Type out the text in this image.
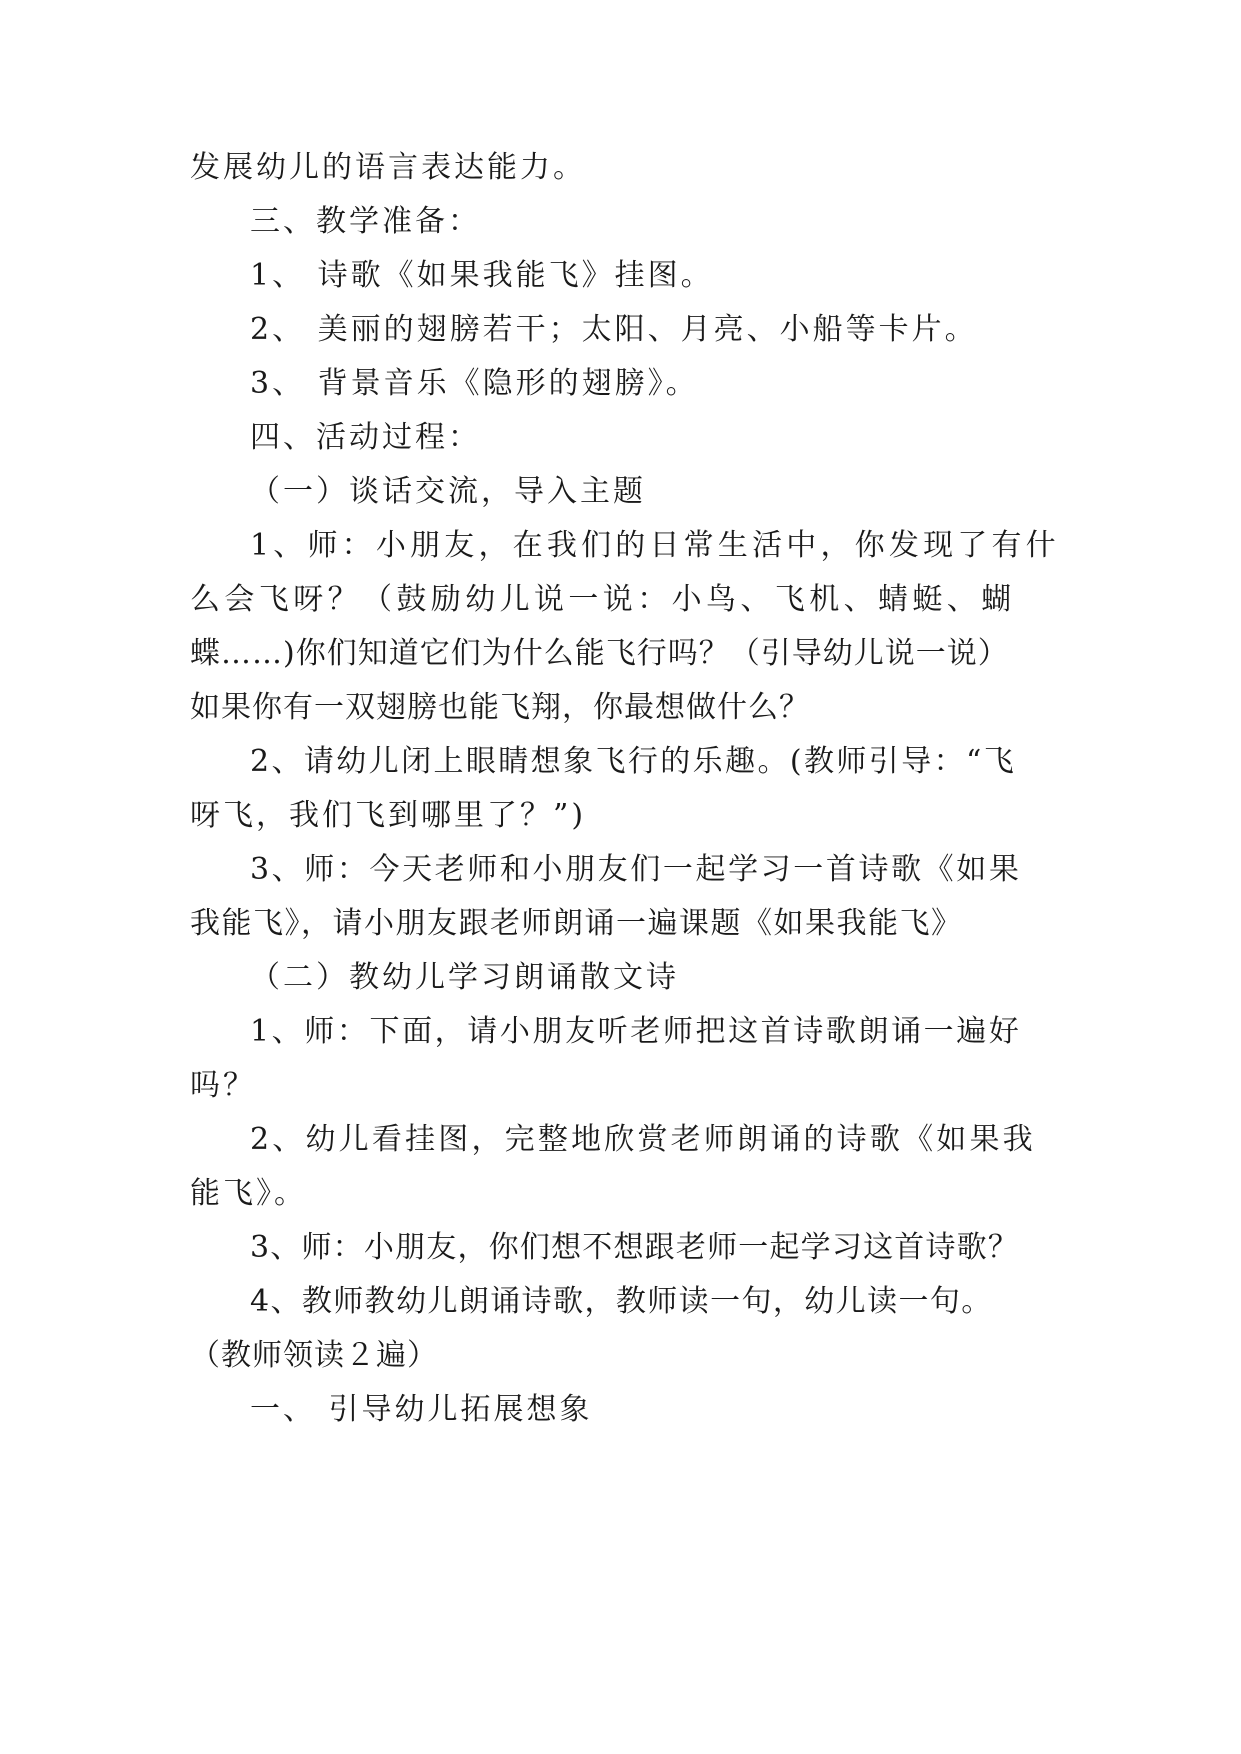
发展幼儿的语言表达能力。
三、教学准备：
1、 诗歌《如果我能飞》挂图。
2、 美丽的翅膀若干；太阳、月亮、小船等卡片。
3、 背景音乐《隐形的翅膀》。
四、活动过程：
（一）谈话交流，导入主题
1、师：小朋友，在我们的日常生活中，你发现了有什
么会飞呀？（鼓励幼儿说一说：小鸟、飞机、蜻蜓、蝴
蝶……)你们知道它们为什么能飞行吗？（引导幼儿说一说）
如果你有一双翅膀也能飞翔，你最想做什么？
2、请幼儿闭上眼睛想象飞行的乐趣。(教师引导：“飞
呀飞，我们飞到哪里了？”)
3、师：今天老师和小朋友们一起学习一首诗歌《如果
我能飞》，请小朋友跟老师朗诵一遍课题《如果我能飞》
（二）教幼儿学习朗诵散文诗
1、师：下面，请小朋友听老师把这首诗歌朗诵一遍好
吗？
2、幼儿看挂图，完整地欣赏老师朗诵的诗歌《如果我
能飞》。
3、师：小朋友，你们想不想跟老师一起学习这首诗歌？
4、教师教幼儿朗诵诗歌，教师读一句，幼儿读一句。
（教师领读２遍）
一、 引导幼儿拓展想象
